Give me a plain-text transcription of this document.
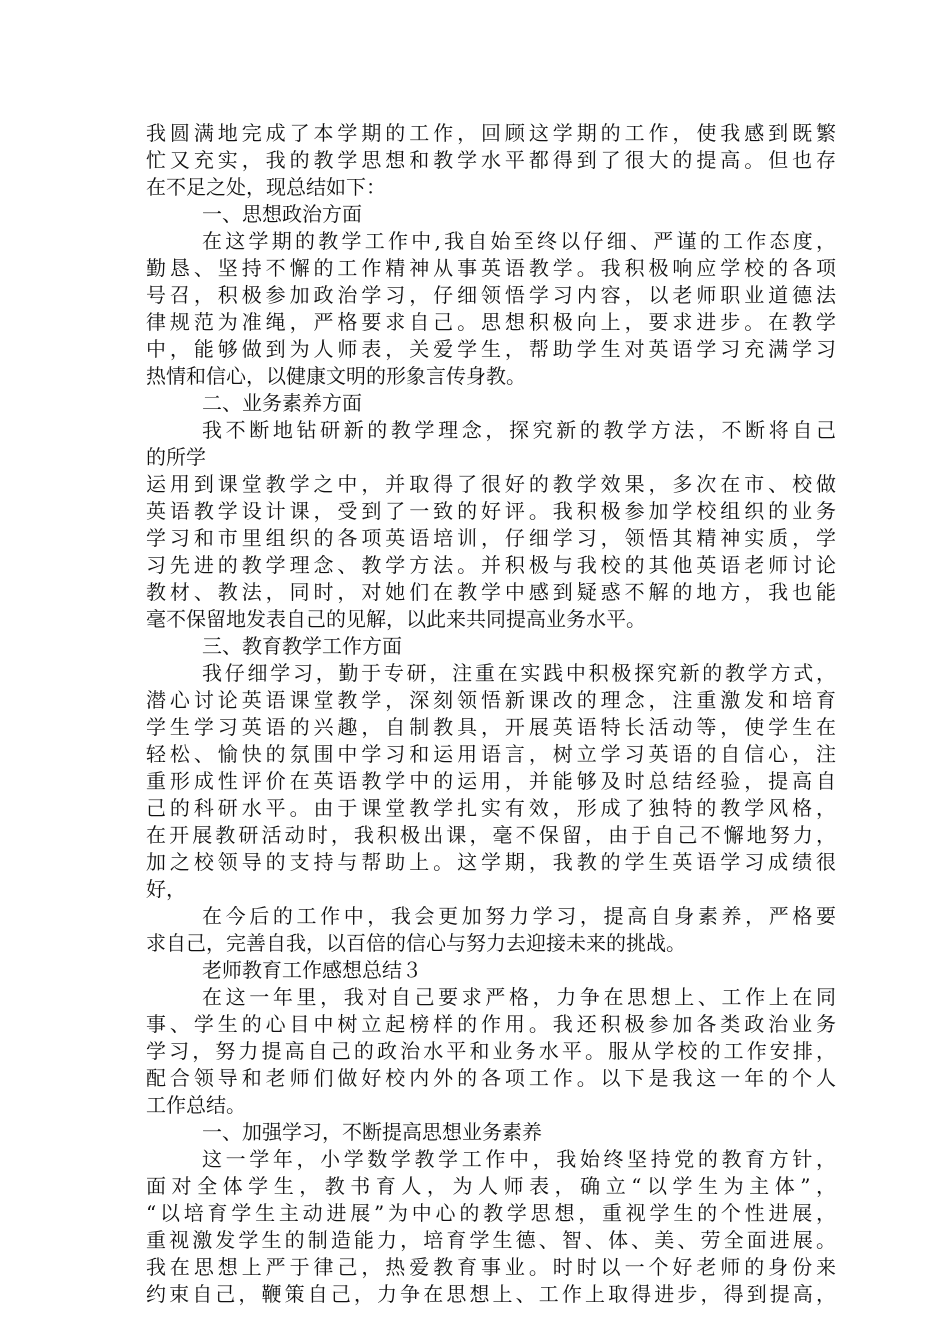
我圆满地完成了本学期的工作，回顾这学期的工作，使我感到既繁
忙又充实，我的教学思想和教学水平都得到了很大的提高。但也存
在不足之处，现总结如下：
一、思想政治方面
在这学期的教学工作中,我自始至终以仔细、严谨的工作态度，
勤恳、坚持不懈的工作精神从事英语教学。我积极响应学校的各项
号召，积极参加政治学习，仔细领悟学习内容，以老师职业道德法
律规范为准绳，严格要求自己。思想积极向上，要求进步。在教学
中，能够做到为人师表，关爱学生，帮助学生对英语学习充满学习
热情和信心，以健康文明的形象言传身教。
二、业务素养方面
我不断地钻研新的教学理念，探究新的教学方法，不断将自己
的所学
运用到课堂教学之中，并取得了很好的教学效果，多次在市、校做
英语教学设计课，受到了一致的好评。我积极参加学校组织的业务
学习和市里组织的各项英语培训，仔细学习，领悟其精神实质，学
习先进的教学理念、教学方法。并积极与我校的其他英语老师讨论
教材、教法，同时，对她们在教学中感到疑惑不解的地方，我也能
毫不保留地发表自己的见解，以此来共同提高业务水平。
三、教育教学工作方面
我仔细学习，勤于专研，注重在实践中积极探究新的教学方式，
潜心讨论英语课堂教学，深刻领悟新课改的理念，注重激发和培育
学生学习英语的兴趣，自制教具，开展英语特长活动等，使学生在
轻松、愉快的氛围中学习和运用语言，树立学习英语的自信心，注
重形成性评价在英语教学中的运用，并能够及时总结经验，提高自
己的科研水平。由于课堂教学扎实有效，形成了独特的教学风格，
在开展教研活动时，我积极出课，毫不保留，由于自己不懈地努力，
加之校领导的支持与帮助上。这学期，我教的学生英语学习成绩很
好，
在今后的工作中，我会更加努力学习，提高自身素养，严格要
求自己，完善自我，以百倍的信心与努力去迎接未来的挑战。
老师教育工作感想总结３
在这一年里，我对自己要求严格，力争在思想上、工作上在同
事、学生的心目中树立起榜样的作用。我还积极参加各类政治业务
学习，努力提高自己的政治水平和业务水平。服从学校的工作安排，
配合领导和老师们做好校内外的各项工作。以下是我这一年的个人
工作总结。
一、加强学习，不断提高思想业务素养
这一学年，小学数学教学工作中，我始终坚持党的教育方针，
面对全体学生，教书育人，为人师表，确立“以学生为主体”，
“以培育学生主动进展”为中心的教学思想，重视学生的个性进展，
重视激发学生的制造能力，培育学生德、智、体、美、劳全面进展。
我在思想上严于律己，热爱教育事业。时时以一个好老师的身份来
约束自己，鞭策自己，力争在思想上、工作上取得进步，得到提高，
